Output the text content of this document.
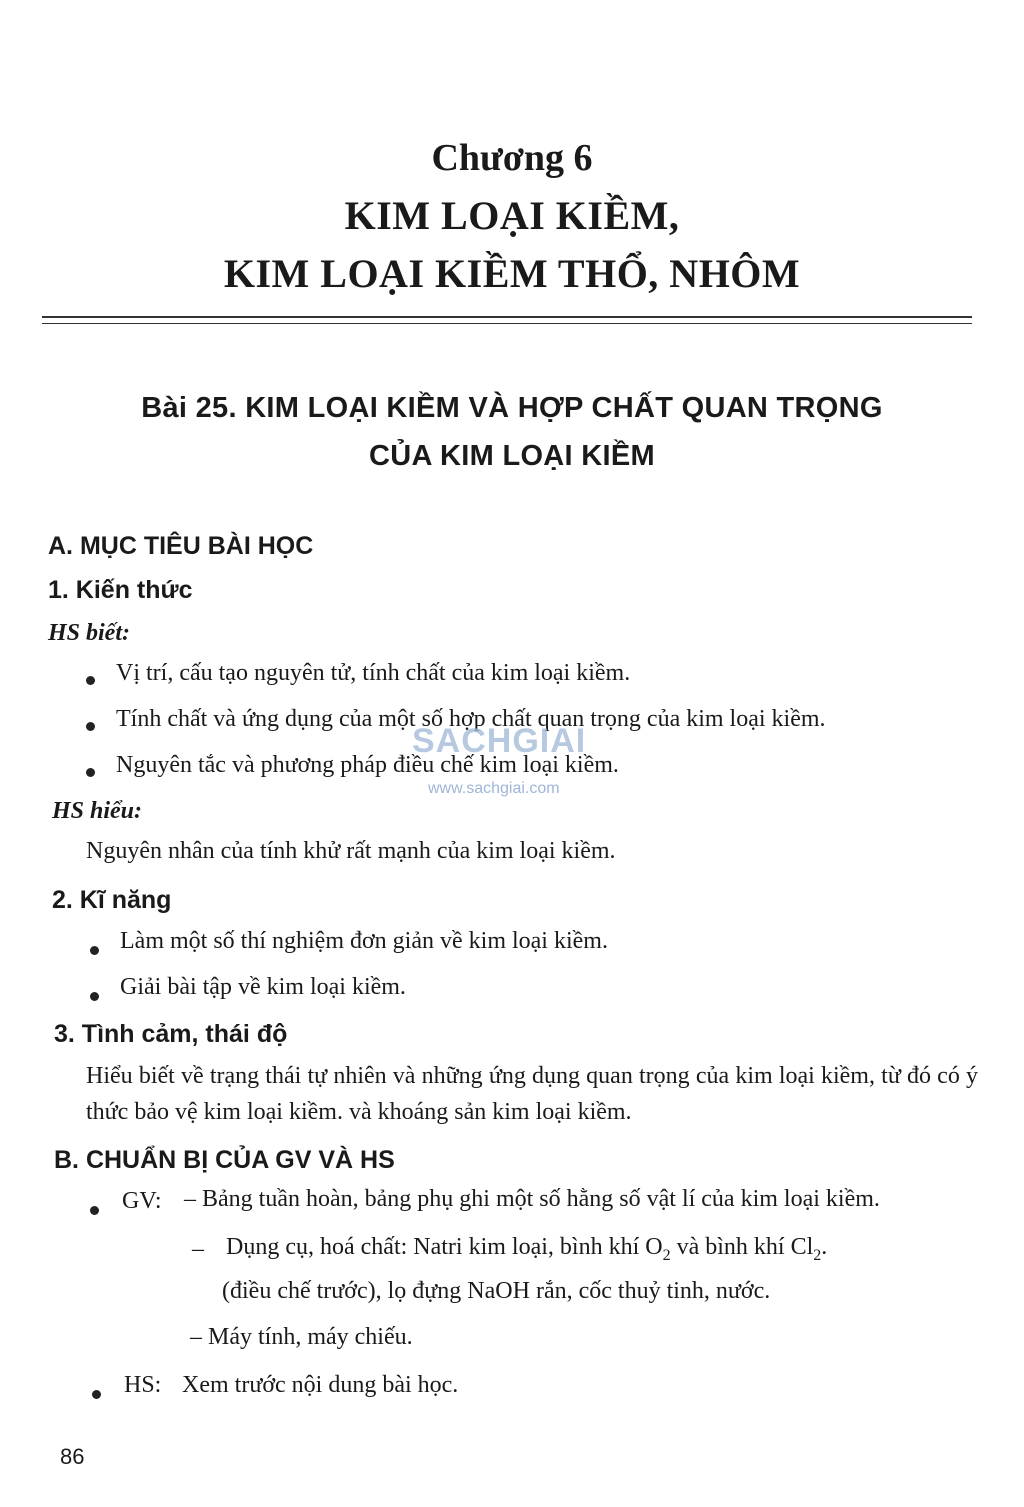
Chương 6
KIM LOẠI KIỀM,
KIM LOẠI KIỀM THỔ, NHÔM
Bài 25. KIM LOẠI KIỀM VÀ HỢP CHẤT QUAN TRỌNG
CỦA KIM LOẠI KIỀM
A. MỤC TIÊU BÀI HỌC
1. Kiến thức
HS biết:
Vị trí, cấu tạo nguyên tử, tính chất của kim loại kiềm.
Tính chất và ứng dụng của một số hợp chất quan trọng của kim loại kiềm.
Nguyên tắc và phương pháp điều chế kim loại kiềm.
HS hiểu:
Nguyên nhân của tính khử rất mạnh của kim loại kiềm.
2. Kĩ năng
Làm một số thí nghiệm đơn giản về kim loại kiềm.
Giải bài tập về kim loại kiềm.
3. Tình cảm, thái độ
Hiểu biết về trạng thái tự nhiên và những ứng dụng quan trọng của kim loại kiềm, từ đó có ý thức bảo vệ kim loại kiềm. và khoáng sản kim loại kiềm.
SACHGIAI
www.sachgiai.com
B. CHUẨN BỊ CỦA GV VÀ HS
GV: – Bảng tuần hoàn, bảng phụ ghi một số hằng số vật lí của kim loại kiềm.
– Dụng cụ, hoá chất: Natri kim loại, bình khí $O_2$ và bình khí $Cl_2$.
(điều chế trước), lọ đựng NaOH rắn, cốc thuỷ tinh, nước.
– Máy tính, máy chiếu.
HS: Xem trước nội dung bài học.
86
